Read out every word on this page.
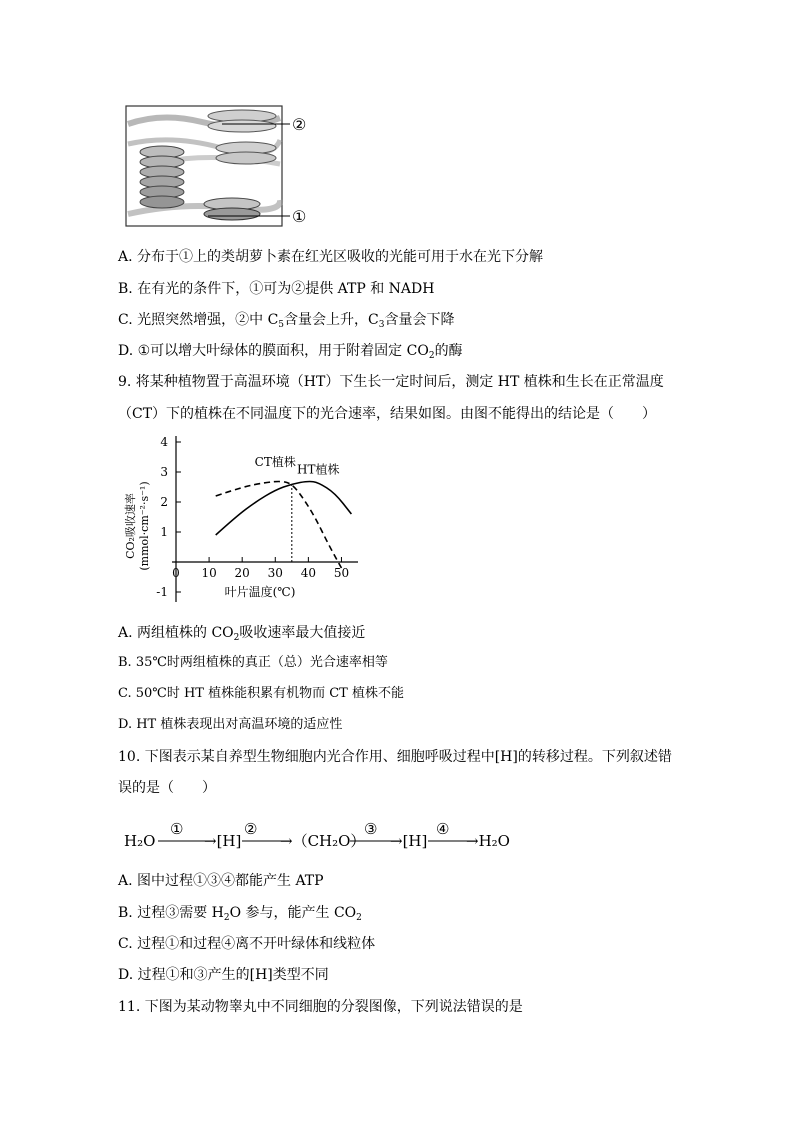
②
①
A. 分布于①上的类胡萝卜素在红光区吸收的光能可用于水在光下分解
B. 在有光的条件下，①可为②提供 ATP 和 NADH
C. 光照突然增强，②中 $C_5$含量会上升，$C_3$含量会下降
D. ①可以增大叶绿体的膜面积，用于附着固定 $CO_2$的酶
9. 将某种植物置于高温环境（HT）下生长一定时间后，测定 HT 植株和生长在正常温度
（CT）下的植株在不同温度下的光合速率，结果如图。由图不能得出的结论是（　　）
叶片温度(℃)
CO₂吸收速率 (mmol·cm⁻²·s⁻¹)
4
3
2
1
-1
0 10 20 30 40 50
CT植株
HT植株
A. 两组植株的 $CO_2$吸收速率最大值接近
B. 35℃时两组植株的真正（总）光合速率相等
C. 50℃时 HT 植株能积累有机物而 CT 植株不能
D. HT 植株表现出对高温环境的适应性
10. 下图表示某自养型生物细胞内光合作用、细胞呼吸过程中[H]的转移过程。下列叙述错
误的是（　　）
H₂O
①
→[H]
②
→（CH₂O）
③
→[H]
④
→H₂O
A. 图中过程①③④都能产生 ATP
B. 过程③需要 $H_2O$ 参与，能产生 $CO_2$
C. 过程①和过程④离不开叶绿体和线粒体
D. 过程①和③产生的[H]类型不同
11. 下图为某动物睾丸中不同细胞的分裂图像，下列说法错误的是
